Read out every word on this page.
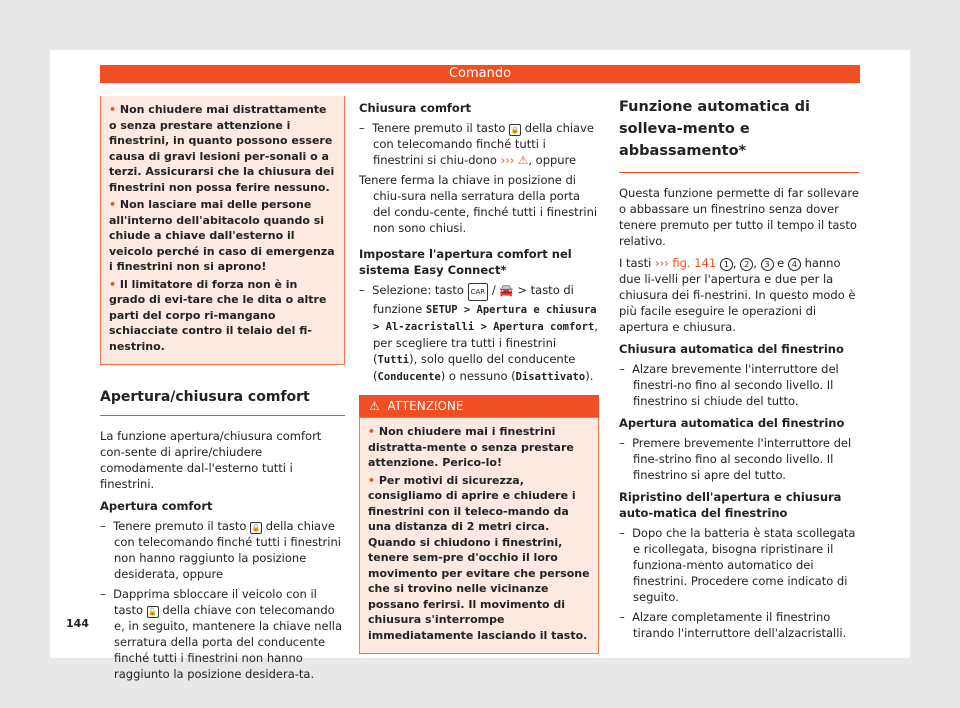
Comando

• Non chiudere mai distrattamente o senza prestare attenzione i finestrini, in quanto possono essere causa di gravi lesioni per-sonali o a terzi. Assicurarsi che la chiusura dei finestrini non possa ferire nessuno.

• Non lasciare mai delle persone all'interno dell'abitacolo quando si chiude a chiave dall'esterno il veicolo perché in caso di emergenza i finestrini non si aprono!

• Il limitatore di forza non è in grado di evi-tare che le dita o altre parti del corpo ri-mangano schiacciate contro il telaio del fi-nestrino.

Apertura/chiusura comfort

La funzione apertura/chiusura comfort con-sente di aprire/chiudere comodamente dal-l'esterno tutti i finestrini.

Apertura comfort

–  Tenere premuto il tasto 🔓 della chiave con telecomando finché tutti i finestrini non hanno raggiunto la posizione desiderata, oppure

–  Dapprima sbloccare il veicolo con il tasto 🔓 della chiave con telecomando e, in seguito, mantenere la chiave nella serratura della porta del conducente finché tutti i finestrini non hanno raggiunto la posizione desidera-ta.

Chiusura comfort

–  Tenere premuto il tasto 🔒 della chiave con telecomando finché tutti i finestrini si chiu-dono ››› ⚠, oppure

Tenere ferma la chiave in posizione di chiu-sura nella serratura della porta del condu-cente, finché tutti i finestrini non sono chiusi.

Impostare l'apertura comfort nel sistema Easy Connect*

–  Selezione: tasto CAR / 🚘 > tasto di funzione SETUP > Apertura e chiusura > Al-zacristalli > Apertura comfort, per scegliere tra tutti i finestrini (Tutti), solo quello del conducente (Conducente) o nessuno (Disattivato).

⚠ ATTENZIONE

• Non chiudere mai i finestrini distratta-mente o senza prestare attenzione. Perico-lo!

• Per motivi di sicurezza, consigliamo di aprire e chiudere i finestrini con il teleco-mando da una distanza di 2 metri circa. Quando si chiudono i finestrini, tenere sem-pre d'occhio il loro movimento per evitare che persone che si trovino nelle vicinanze possano ferirsi. Il movimento di chiusura s'interrompe immediatamente lasciando il tasto.

Funzione automatica di solleva-mento e abbassamento*

Questa funzione permette di far sollevare o abbassare un finestrino senza dover tenere premuto per tutto il tempo il tasto relativo.

I tasti ››› fig. 141 1 , 2 , 3 e 4 hanno due li-velli per l'apertura e due per la chiusura dei fi-nestrini. In questo modo è più facile eseguire le operazioni di apertura e chiusura.

Chiusura automatica del finestrino

–  Alzare brevemente l'interruttore del finestri-no fino al secondo livello. Il finestrino si chiude del tutto.

Apertura automatica del finestrino

–  Premere brevemente l'interruttore del fine-strino fino al secondo livello. Il finestrino si apre del tutto.

Ripristino dell'apertura e chiusura auto-matica del finestrino

–  Dopo che la batteria è stata scollegata e ricollegata, bisogna ripristinare il funziona-mento automatico dei finestrini. Procedere come indicato di seguito.

–  Alzare completamente il finestrino tirando l'interruttore dell'alzacristalli.

144
